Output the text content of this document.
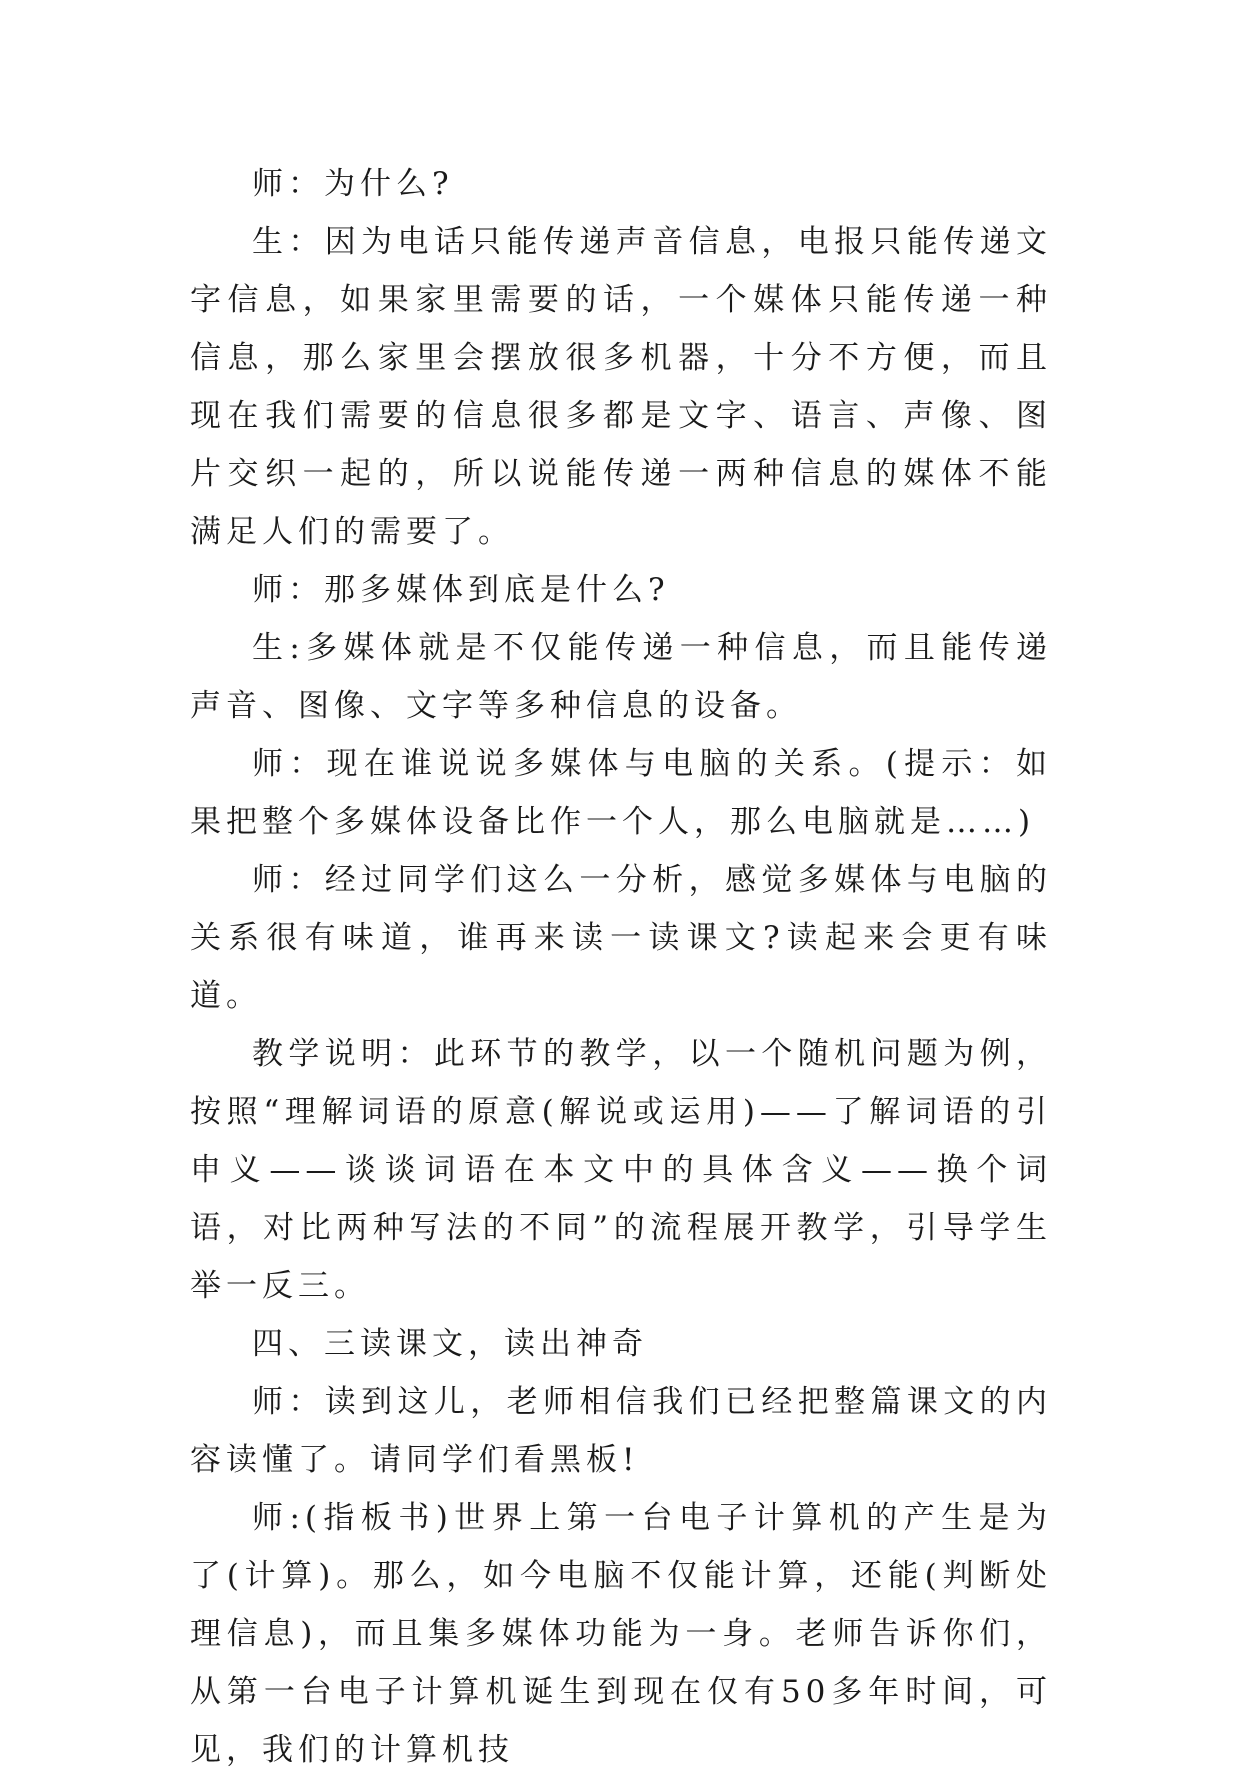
师：为什么?

生：因为电话只能传递声音信息，电报只能传递文字信息，如果家里需要的话，一个媒体只能传递一种信息，那么家里会摆放很多机器，十分不方便，而且现在我们需要的信息很多都是文字、语言、声像、图片交织一起的，所以说能传递一两种信息的媒体不能满足人们的需要了。

师：那多媒体到底是什么?

生:多媒体就是不仅能传递一种信息，而且能传递声音、图像、文字等多种信息的设备。

师：现在谁说说多媒体与电脑的关系。(提示：如果把整个多媒体设备比作一个人，那么电脑就是……)

师：经过同学们这么一分析，感觉多媒体与电脑的关系很有味道，谁再来读一读课文?读起来会更有味道。

教学说明：此环节的教学，以一个随机问题为例，按照“理解词语的原意(解说或运用)——了解词语的引申义——谈谈词语在本文中的具体含义——换个词语，对比两种写法的不同”的流程展开教学，引导学生举一反三。

四、三读课文，读出神奇

师：读到这儿，老师相信我们已经把整篇课文的内容读懂了。请同学们看黑板!

师:(指板书)世界上第一台电子计算机的产生是为了(计算)。那么，如今电脑不仅能计算，还能(判断处理信息)，而且集多媒体功能为一身。老师告诉你们，从第一台电子计算机诞生到现在仅有50多年时间，可见，我们的计算机技
